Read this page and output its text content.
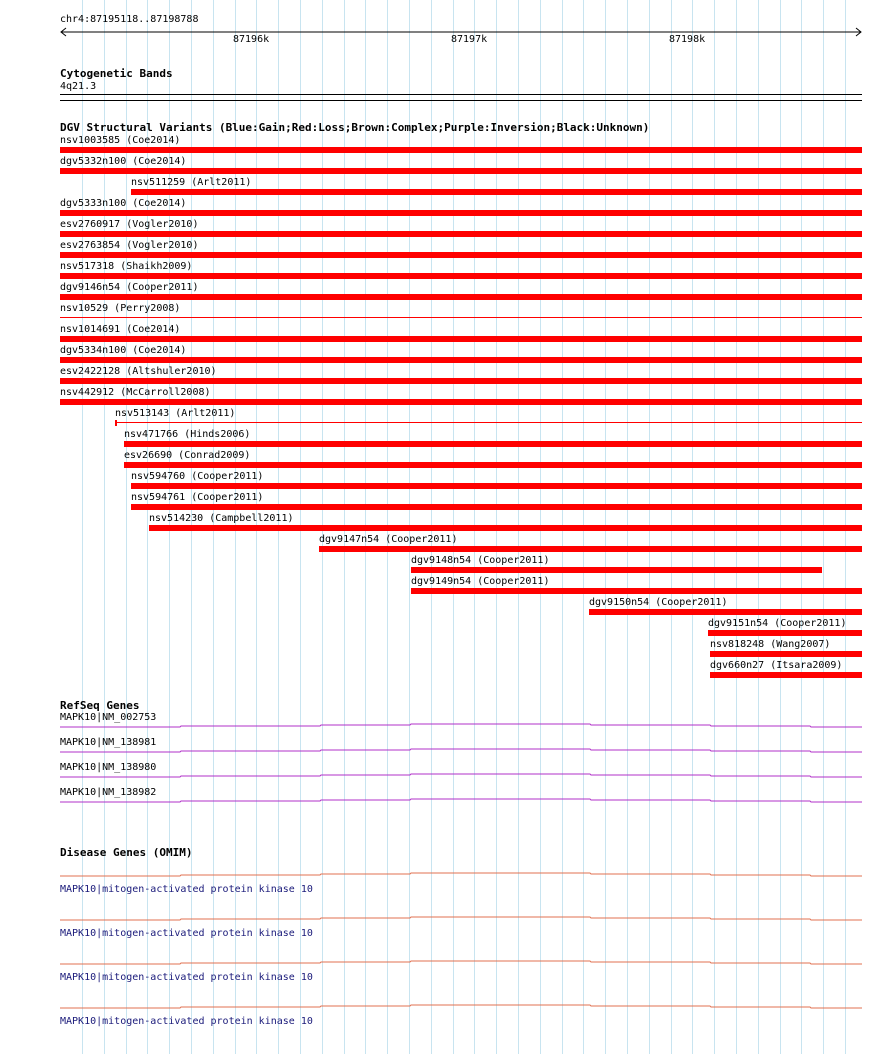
chr4:87195118..87198788
87196k	87197k	87198k
Cytogenetic Bands
4q21.3
DGV Structural Variants (Blue:Gain;Red:Loss;Brown:Complex;Purple:Inversion;Black:Unknown)
nsv1003585 (Coe2014)
dgv5332n100 (Coe2014)
nsv511259 (Arlt2011)
dgv5333n100 (Coe2014)
esv2760917 (Vogler2010)
esv2763854 (Vogler2010)
nsv517318 (Shaikh2009)
dgv9146n54 (Cooper2011)
nsv10529 (Perry2008)
nsv1014691 (Coe2014)
dgv5334n100 (Coe2014)
esv2422128 (Altshuler2010)
nsv442912 (McCarroll2008)
nsv513143 (Arlt2011)
nsv471766 (Hinds2006)
esv26690 (Conrad2009)
nsv594760 (Cooper2011)
nsv594761 (Cooper2011)
nsv514230 (Campbell2011)
dgv9147n54 (Cooper2011)
dgv9148n54 (Cooper2011)
dgv9149n54 (Cooper2011)
dgv9150n54 (Cooper2011)
dgv9151n54 (Cooper2011)
nsv818248 (Wang2007)
dgv660n27 (Itsara2009)
RefSeq Genes
MAPK10|NM_002753
MAPK10|NM_138981
MAPK10|NM_138980
MAPK10|NM_138982
Disease Genes (OMIM)
MAPK10|mitogen-activated protein kinase 10
MAPK10|mitogen-activated protein kinase 10
MAPK10|mitogen-activated protein kinase 10
MAPK10|mitogen-activated protein kinase 10
